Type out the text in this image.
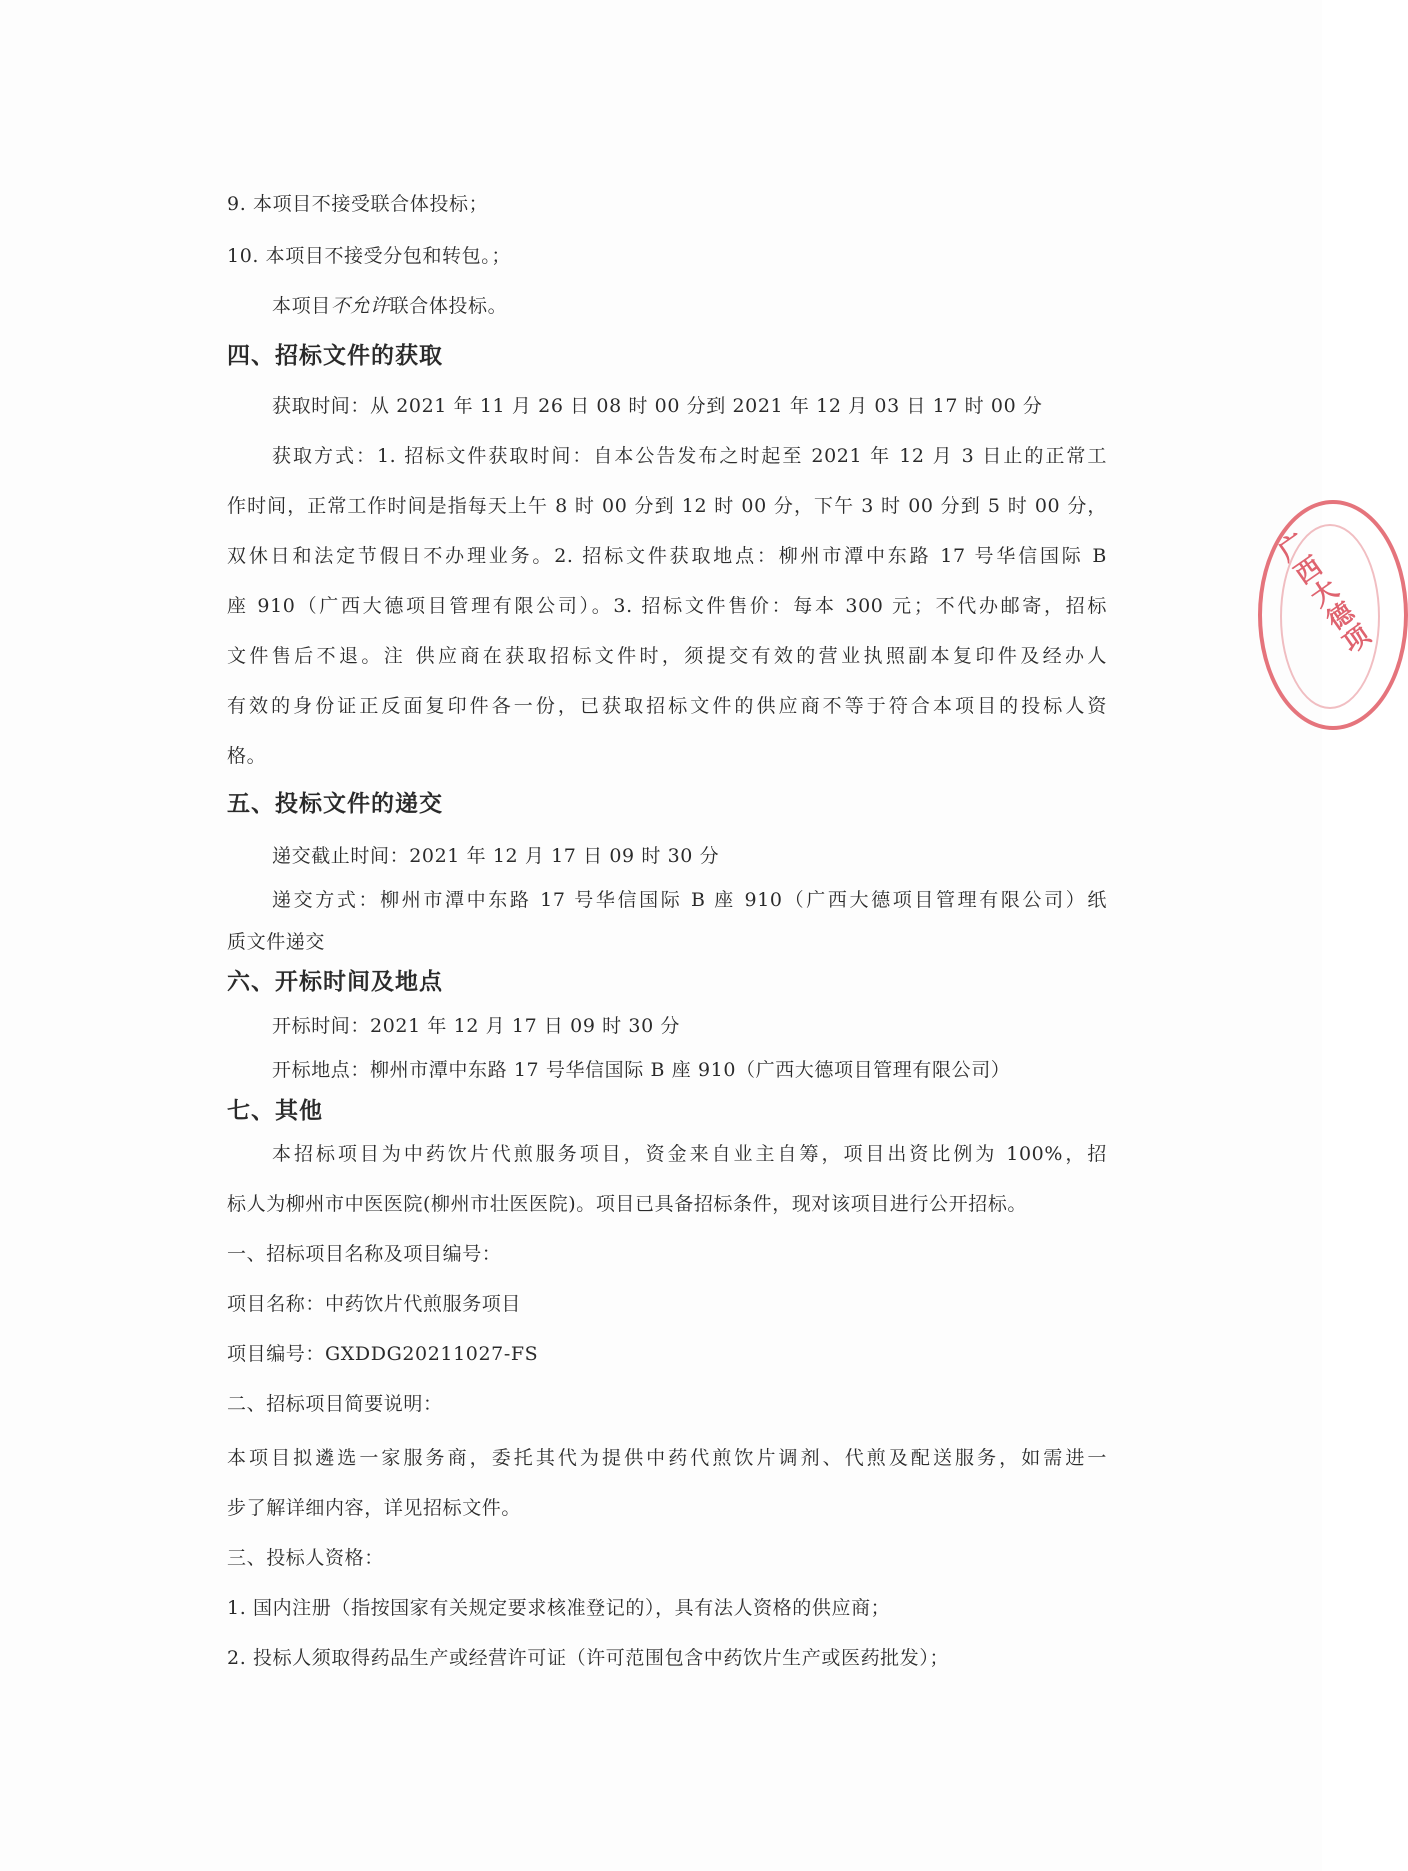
9. 本项目不接受联合体投标；
10. 本项目不接受分包和转包。；
本项目不允许联合体投标。
四、招标文件的获取
获取时间：从 2021 年 11 月 26 日 08 时 00 分到 2021 年 12 月 03 日 17 时 00 分
获取方式：1. 招标文件获取时间：自本公告发布之时起至 2021 年 12 月 3 日止的正常工
作时间，正常工作时间是指每天上午 8 时 00 分到 12 时 00 分，下午 3 时 00 分到 5 时 00 分，
双休日和法定节假日不办理业务。2. 招标文件获取地点：柳州市潭中东路 17 号华信国际 B
座 910（广西大德项目管理有限公司）。3. 招标文件售价：每本 300 元；不代办邮寄，招标
文件售后不退。注 供应商在获取招标文件时，须提交有效的营业执照副本复印件及经办人
有效的身份证正反面复印件各一份，已获取招标文件的供应商不等于符合本项目的投标人资
格。
五、投标文件的递交
递交截止时间：2021 年 12 月 17 日 09 时 30 分
递交方式：柳州市潭中东路 17 号华信国际 B 座 910（广西大德项目管理有限公司）纸
质文件递交
六、开标时间及地点
开标时间：2021 年 12 月 17 日 09 时 30 分
开标地点：柳州市潭中东路 17 号华信国际 B 座 910（广西大德项目管理有限公司）
七、其他
本招标项目为中药饮片代煎服务项目，资金来自业主自筹，项目出资比例为 100%，招
标人为柳州市中医医院(柳州市壮医医院)。项目已具备招标条件，现对该项目进行公开招标。
一、招标项目名称及项目编号：
项目名称：中药饮片代煎服务项目
项目编号：GXDDG20211027-FS
二、招标项目简要说明：
本项目拟遴选一家服务商，委托其代为提供中药代煎饮片调剂、代煎及配送服务，如需进一
步了解详细内容，详见招标文件。
三、投标人资格：
1. 国内注册（指按国家有关规定要求核准登记的），具有法人资格的供应商；
2. 投标人须取得药品生产或经营许可证（许可范围包含中药饮片生产或医药批发）；
广西大德项
